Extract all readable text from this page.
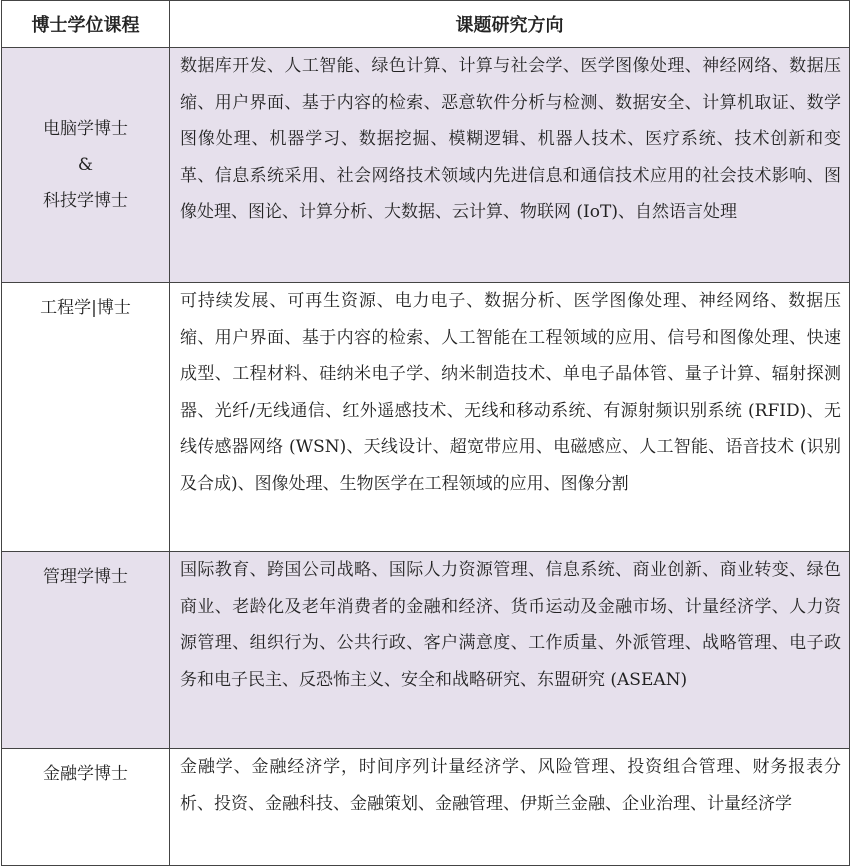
博士学位课程	课题研究方向

电脑学博士
&
科技学博士	数据库开发、人工智能、绿色计算、计算与社会学、医学图像处理、神经网络、数据压缩、用户界面、基于内容的检索、恶意软件分析与检测、数据安全、计算机取证、数学图像处理、机器学习、数据挖掘、模糊逻辑、机器人技术、医疗系统、技术创新和变革、信息系统采用、社会网络技术领域内先进信息和通信技术应用的社会技术影响、图像处理、图论、计算分析、大数据、云计算、物联网 (IoT)、自然语言处理

工程学|博士	可持续发展、可再生资源、电力电子、数据分析、医学图像处理、神经网络、数据压缩、用户界面、基于内容的检索、人工智能在工程领域的应用、信号和图像处理、快速成型、工程材料、硅纳米电子学、纳米制造技术、单电子晶体管、量子计算、辐射探测器、光纤/无线通信、红外遥感技术、无线和移动系统、有源射频识别系统 (RFID)、无线传感器网络 (WSN)、天线设计、超宽带应用、电磁感应、人工智能、语音技术 (识别及合成)、图像处理、生物医学在工程领域的应用、图像分割

管理学博士	国际教育、跨国公司战略、国际人力资源管理、信息系统、商业创新、商业转变、绿色商业、老龄化及老年消费者的金融和经济、货币运动及金融市场、计量经济学、人力资源管理、组织行为、公共行政、客户满意度、工作质量、外派管理、战略管理、电子政务和电子民主、反恐怖主义、安全和战略研究、东盟研究 (ASEAN)

金融学博士	金融学、金融经济学，时间序列计量经济学、风险管理、投资组合管理、财务报表分析、投资、金融科技、金融策划、金融管理、伊斯兰金融、企业治理、计量经济学
